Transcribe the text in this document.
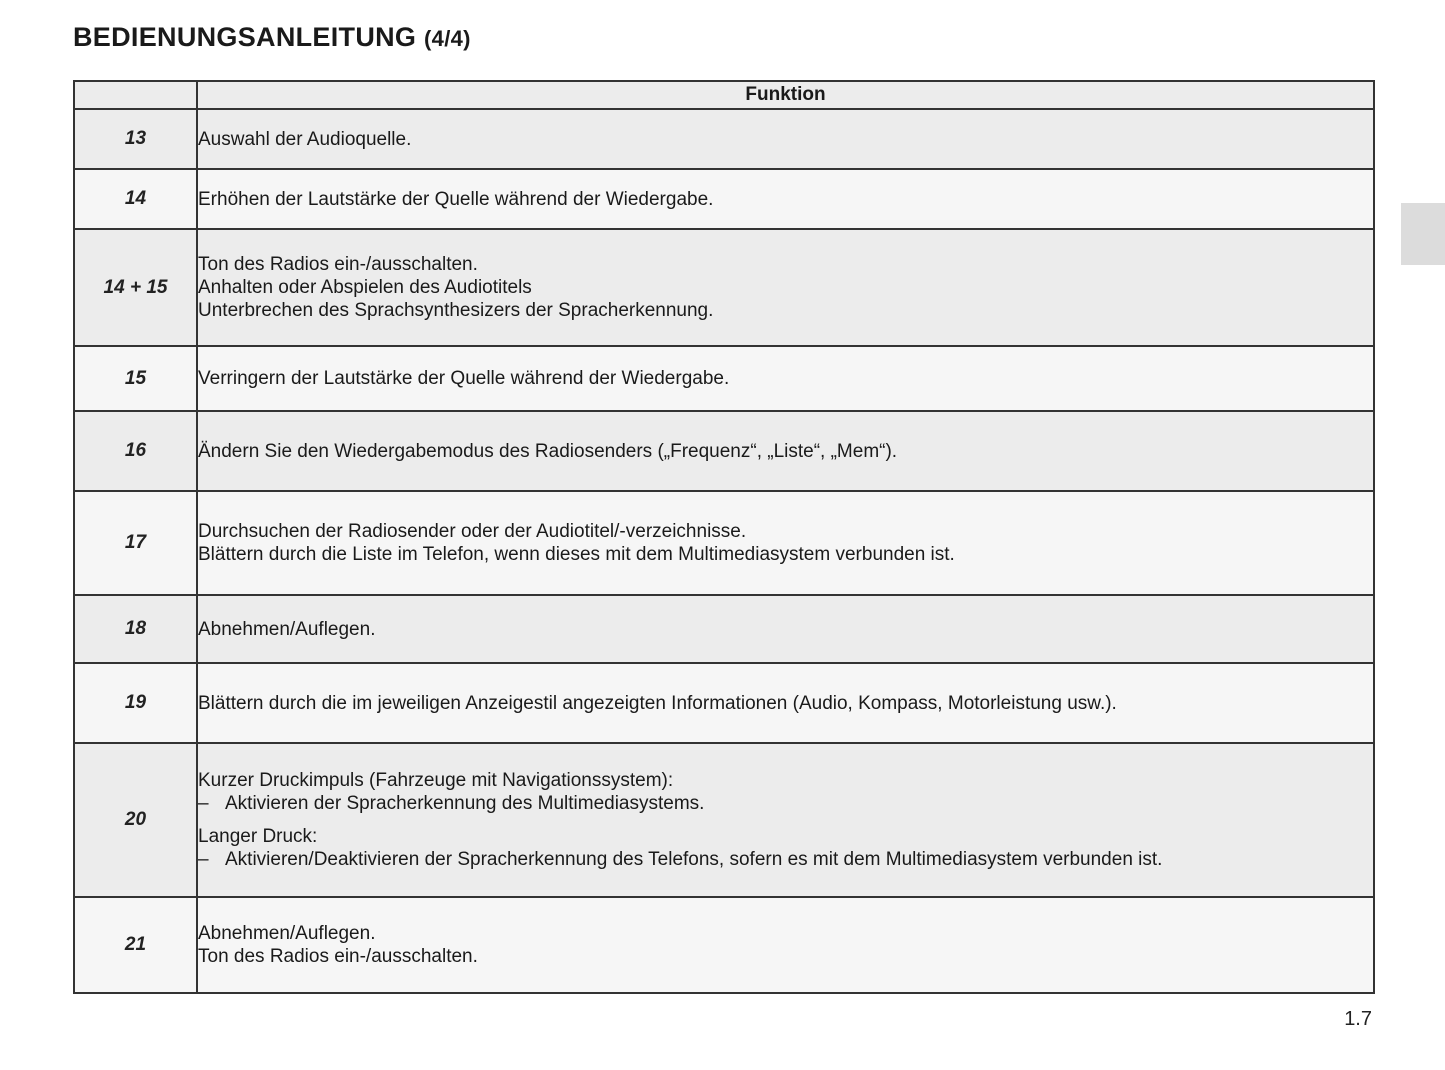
BEDIENUNGSANLEITUNG (4/4)
	Funktion
13	Auswahl der Audioquelle.

14	Erhöhen der Lautstärke der Quelle während der Wiedergabe.

14 + 15	Ton des Radios ein-/ausschalten.
Anhalten oder Abspielen des Audiotitels
Unterbrechen des Sprachsynthesizers der Spracherkennung.

15	Verringern der Lautstärke der Quelle während der Wiedergabe.

16	Ändern Sie den Wiedergabemodus des Radiosenders („Frequenz“, „Liste“, „Mem“).

17	Durchsuchen der Radiosender oder der Audiotitel/-verzeichnisse.
Blättern durch die Liste im Telefon, wenn dieses mit dem Multimediasystem verbunden ist.

18	Abnehmen/Auflegen.

19	Blättern durch die im jeweiligen Anzeigestil angezeigten Informationen (Audio, Kompass, Motorleistung usw.).

20	Kurzer Druckimpuls (Fahrzeuge mit Navigationssystem):
– Aktivieren der Spracherkennung des Multimediasystems.
Langer Druck:
– Aktivieren/Deaktivieren der Spracherkennung des Telefons, sofern es mit dem Multimediasystem verbunden ist.

21	Abnehmen/Auflegen.
Ton des Radios ein-/ausschalten.
1.7
